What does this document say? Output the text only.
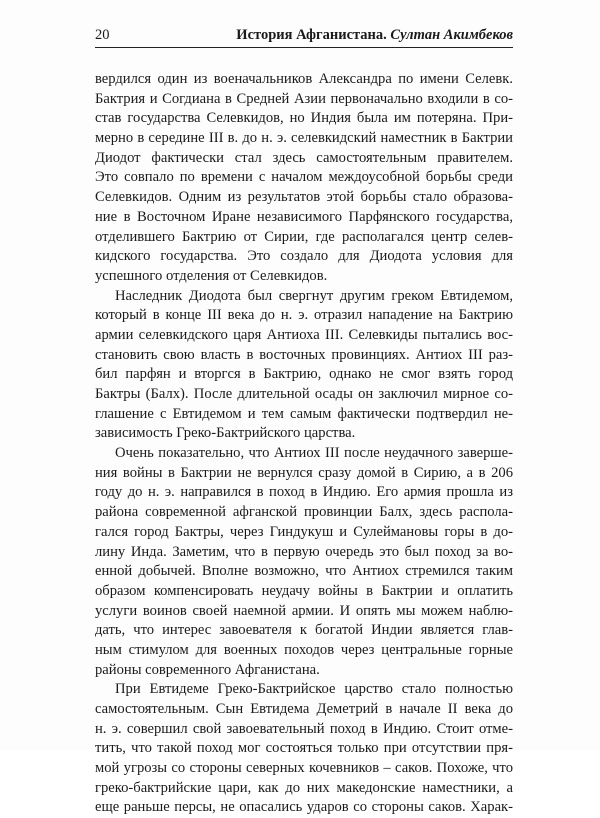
20	История Афганистана. Султан Акимбеков
вердился один из военачальников Александра по имени Селевк.
Бактрия и Согдиана в Средней Азии первоначально входили в со-
став государства Селевкидов, но Индия была им потеряна. При-
мерно в середине III в. до н. э. селевкидский наместник в Бактрии
Диодот фактически стал здесь самостоятельным правителем.
Это совпало по времени с началом междоусобной борьбы среди
Селевкидов. Одним из результатов этой борьбы стало образова-
ние в Восточном Иране независимого Парфянского государства,
отделившего Бактрию от Сирии, где располагался центр селев-
кидского государства. Это создало для Диодота условия для
успешного отделения от Селевкидов.
Наследник Диодота был свергнут другим греком Евтидемом,
который в конце III века до н. э. отразил нападение на Бактрию
армии селевкидского царя Антиоха III. Селевкиды пытались вос-
становить свою власть в восточных провинциях. Антиох III раз-
бил парфян и вторгся в Бактрию, однако не смог взять город
Бактры (Балх). После длительной осады он заключил мирное со-
глашение с Евтидемом и тем самым фактически подтвердил не-
зависимость Греко-Бактрийского царства.
Очень показательно, что Антиох III после неудачного заверше-
ния войны в Бактрии не вернулся сразу домой в Сирию, а в 206
году до н. э. направился в поход в Индию. Его армия прошла из
района современной афганской провинции Балх, здесь распола-
гался город Бактры, через Гиндукуш и Сулеймановы горы в до-
лину Инда. Заметим, что в первую очередь это был поход за во-
енной добычей. Вполне возможно, что Антиох стремился таким
образом компенсировать неудачу войны в Бактрии и оплатить
услуги воинов своей наемной армии. И опять мы можем наблю-
дать, что интерес завоевателя к богатой Индии является глав-
ным стимулом для военных походов через центральные горные
районы современного Афганистана.
При Евтидеме Греко-Бактрийское царство стало полностью
самостоятельным. Сын Евтидема Деметрий в начале II века до
н. э. совершил свой завоевательный поход в Индию. Стоит отме-
тить, что такой поход мог состояться только при отсутствии пря-
мой угрозы со стороны северных кочевников – саков. Похоже, что
греко-бактрийские цари, как до них македонские наместники, а
еще раньше персы, не опасались ударов со стороны саков. Харак-
